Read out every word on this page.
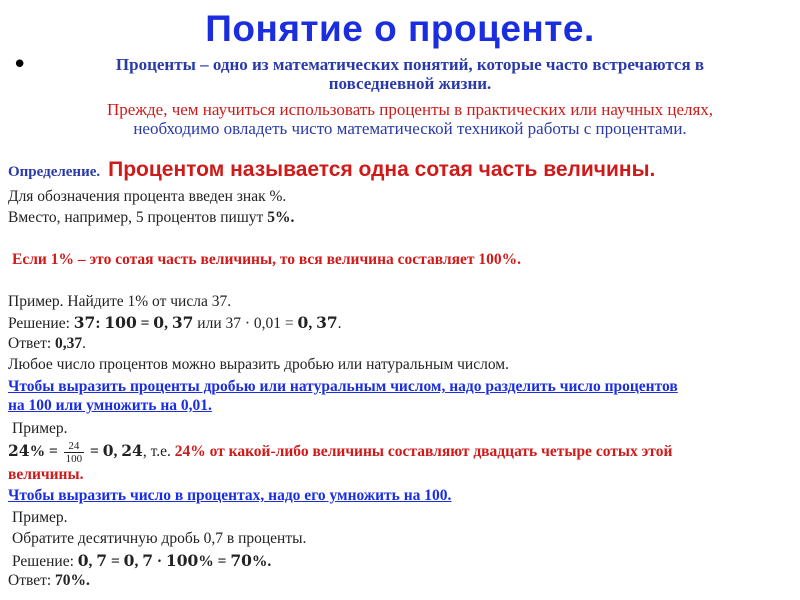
Понятие о проценте.
•	Проценты – одно из математических понятий, которые часто встречаются в
повседневной жизни.
Прежде, чем научиться использовать проценты в практических или научных целях,
необходимо овладеть чисто математической техникой работы с процентами.
Определение. Процентом называется одна сотая часть величины.
Для обозначения процента введен знак %.
Вместо, например, 5 процентов пишут 5%.
Если 1% – это сотая часть величины, то вся величина составляет 100%.
Пример. Найдите 1% от числа 37.
Решение: 𝟑𝟕: 𝟏𝟎𝟎 = 𝟎, 𝟑𝟕 или 37 · 0,01 = 𝟎, 𝟑𝟕.
Ответ: 0,37.
Любое число процентов можно выразить дробью или натуральным числом.
Чтобы выразить проценты дробью или натуральным числом, надо разделить число процентов
на 100 или умножить на 0,01.
Пример.
𝟐𝟒% = $\frac{24}{100}$ = 𝟎, 𝟐𝟒, т.е. 24% от какой-либо величины составляют двадцать четыре сотых этой
величины.
Чтобы выразить число в процентах, надо его умножить на 100.
Пример.
Обратите десятичную дробь 0,7 в проценты.
Решение: 𝟎, 𝟕 = 𝟎, 𝟕 · 𝟏𝟎𝟎% = 𝟕𝟎%.
Ответ: 70%.
